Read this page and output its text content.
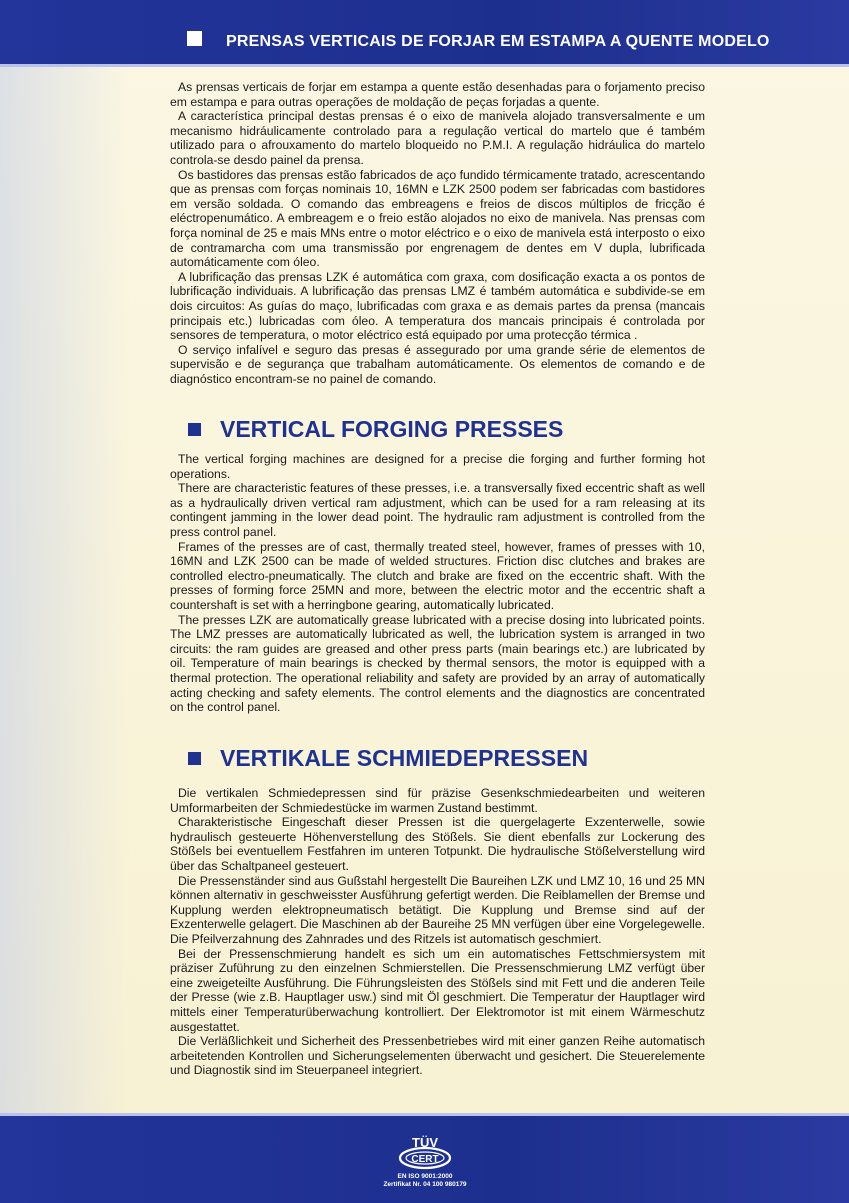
PRENSAS VERTICAIS DE FORJAR EM ESTAMPA A QUENTE MODELO

As prensas verticais de forjar em estampa a quente estão desenhadas para o forjamento preciso em estampa e para outras operações de moldação de peças forjadas a quente.

A característica principal destas prensas é o eixo de manivela alojado transversalmente e um mecanismo hidráulicamente controlado para a regulação vertical do martelo que é também utilizado para o afrouxamento do martelo bloqueido no P.M.I. A regulação hidráulica do martelo controla-se desdo painel da prensa.

Os bastidores das prensas estão fabricados de aço fundido térmicamente tratado, acrescentando que as prensas com forças nominais 10, 16MN e LZK 2500 podem ser fabricadas com bastidores em versão soldada. O comando das embreagens e freios de discos múltiplos de fricção é eléctropenumático. A embreagem e o freio estão alojados no eixo de manivela. Nas prensas com força nominal de 25 e mais MNs entre o motor eléctrico e o eixo de manivela está interposto o eixo de contramarcha com uma transmissão por engrenagem de dentes em V dupla, lubrificada automáticamente com óleo.

A lubrificação das prensas LZK é automática com graxa, com dosificação exacta a os pontos de lubrificação individuais. A lubrificação das prensas LMZ é também automática e subdivide-se em dois circuitos: As guías do maço, lubrificadas com graxa e as demais partes da prensa (mancais principais etc.) lubricadas com óleo. A temperatura dos mancais principais é controlada por sensores de temperatura, o motor eléctrico está equipado por uma protecção térmica .

O serviço infalível e seguro das presas é assegurado por uma grande série de elementos de supervisão e de segurança que trabalham automáticamente. Os elementos de comando e de diagnóstico encontram-se no painel de comando.

VERTICAL FORGING PRESSES

The vertical forging machines are designed for a precise die forging and further forming hot operations.

There are characteristic features of these presses, i.e. a transversally fixed eccentric shaft as well as a hydraulically driven vertical ram adjustment, which can be used for a ram releasing at its contingent jamming in the lower dead point. The hydraulic ram adjustment is controlled from the press control panel.

Frames of the presses are of cast, thermally treated steel, however, frames of presses with 10, 16MN and LZK 2500 can be made of welded structures. Friction disc clutches and brakes are controlled electro-pneumatically. The clutch and brake are fixed on the eccentric shaft. With the presses of forming force 25MN and more, between the electric motor and the eccentric shaft a countershaft is set with a herringbone gearing, automatically lubricated.

The presses LZK are automatically grease lubricated with a precise dosing into lubricated points. The LMZ presses are automatically lubricated as well, the lubrication system is arranged in two circuits: the ram guides are greased and other press parts (main bearings etc.) are lubricated by oil. Temperature of main bearings is checked by thermal sensors, the motor is equipped with a thermal protection. The operational reliability and safety are provided by an array of automatically acting checking and safety elements. The control elements and the diagnostics are concentrated on the control panel.

VERTIKALE SCHMIEDEPRESSEN

Die vertikalen Schmiedepressen sind für präzise Gesenkschmiedearbeiten und weiteren Umformarbeiten der Schmiedestücke im warmen Zustand bestimmt.

Charakteristische Eingeschaft dieser Pressen ist die quergelagerte Exzenterwelle, sowie hydraulisch gesteuerte Höhenverstellung des Stößels. Sie dient ebenfalls zur Lockerung des Stößels bei eventuellem Festfahren im unteren Totpunkt. Die hydraulische Stößelverstellung wird über das Schaltpaneel gesteuert.

Die Pressenständer sind aus Gußstahl hergestellt Die Baureihen LZK und LMZ 10, 16 und 25 MN können alternativ in geschweisster Ausführung gefertigt werden. Die Reiblamellen der Bremse und Kupplung werden elektropneumatisch betätigt. Die Kupplung und Bremse sind auf der Exzenterwelle gelagert. Die Maschinen ab der Baureihe 25 MN verfügen über eine Vorgelegewelle. Die Pfeilverzahnung des Zahnrades und des Ritzels ist automatisch geschmiert.

Bei der Pressenschmierung handelt es sich um ein automatisches Fettschmiersystem mit präziser Zuführung zu den einzelnen Schmierstellen. Die Pressenschmierung LMZ verfügt über eine zweigeteilte Ausführung. Die Führungsleisten des Stößels sind mit Fett und die anderen Teile der Presse (wie z.B. Hauptlager usw.) sind mit Öl geschmiert. Die Temperatur der Hauptlager wird mittels einer Temperaturüberwachung kontrolliert. Der Elektromotor ist mit einem Wärmeschutz ausgestattet.

Die Verläßlichkeit und Sicherheit des Pressenbetriebes wird mit einer ganzen Reihe automatisch arbeitetenden Kontrollen und Sicherungselementen überwacht und gesichert. Die Steuerelemente und Diagnostik sind im Steuerpaneel integriert.

TÜV
CERT
EN ISO 9001:2000
Zertifikat Nr. 04 100 980179
